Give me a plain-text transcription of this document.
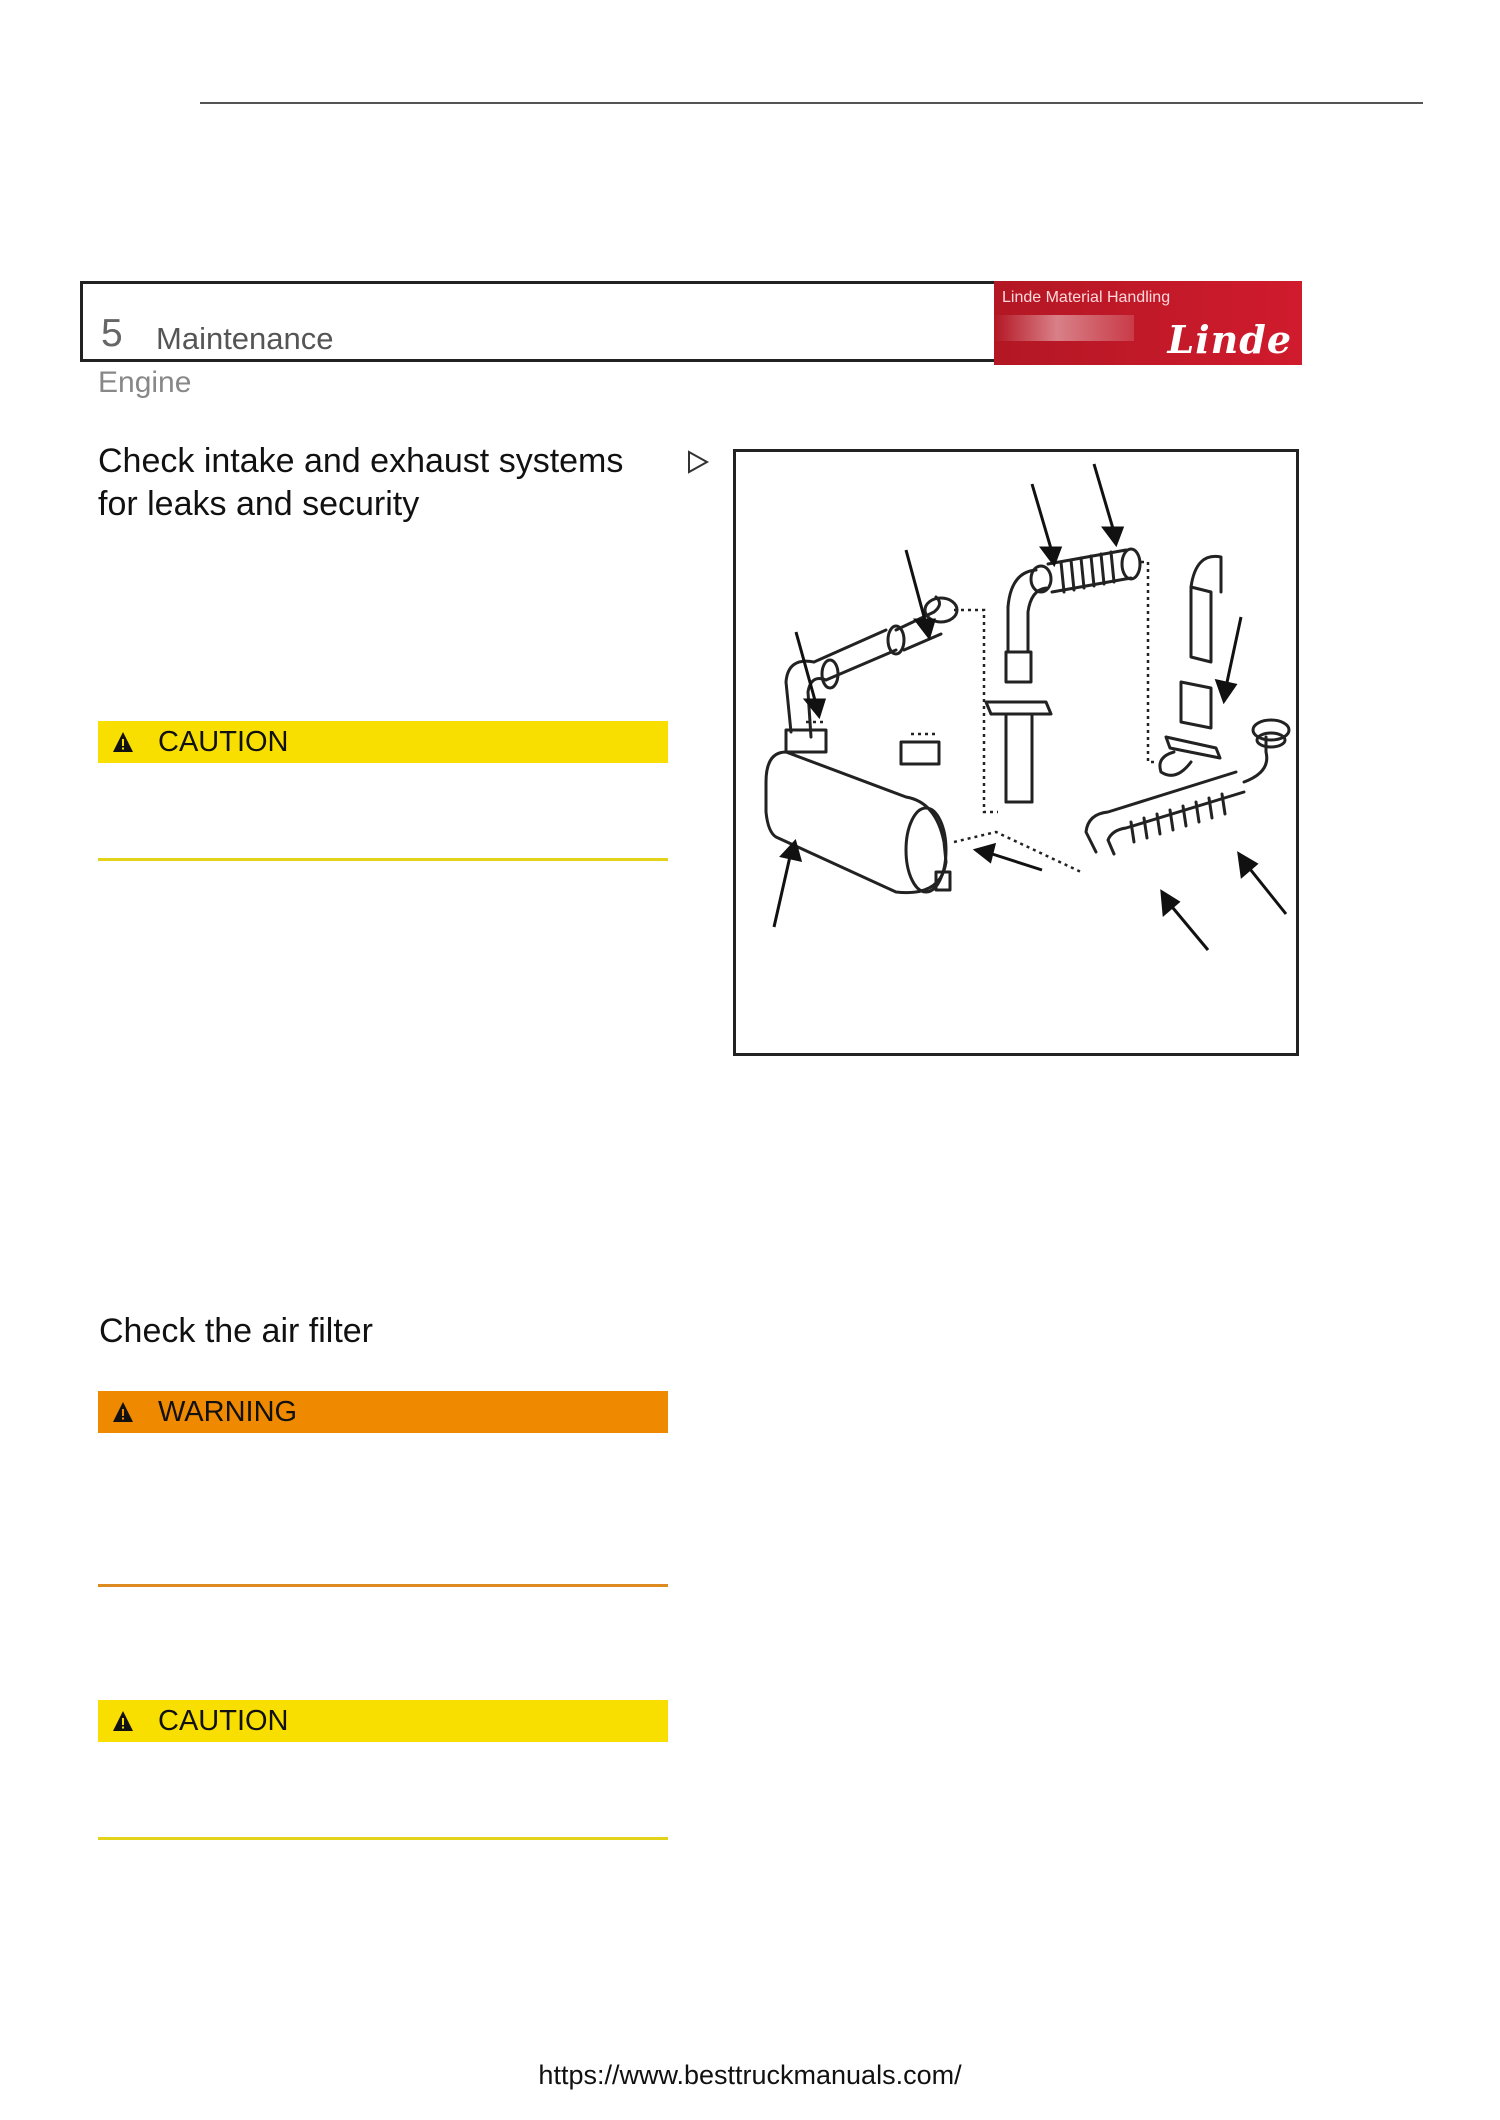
5 Maintenance
Linde Material Handling
Linde
Engine
Check intake and exhaust systems for leaks and security
CAUTION
Check the air filter
WARNING
CAUTION
https://www.besttruckmanuals.com/
